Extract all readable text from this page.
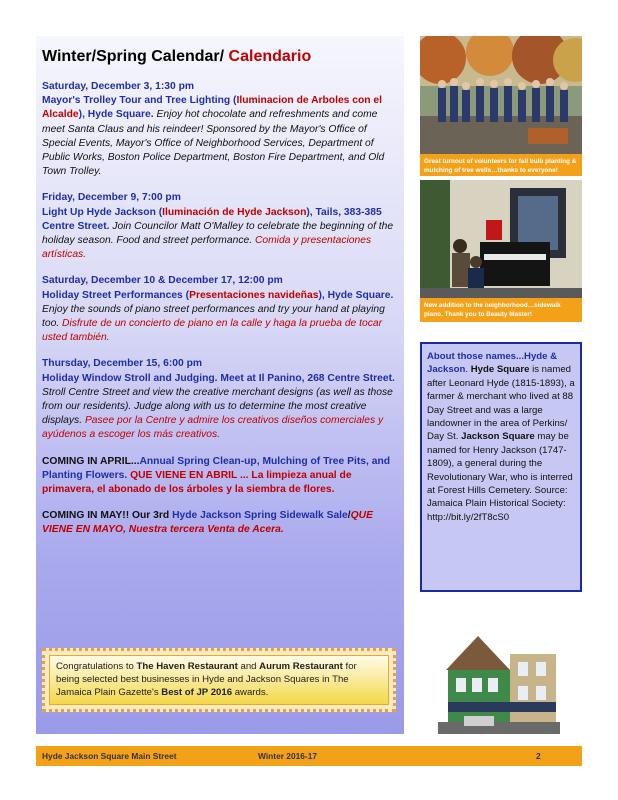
Winter/Spring Calendar/ Calendario
Saturday, December 3, 1:30 pm
Mayor's Trolley Tour and Tree Lighting (Iluminacion de Arboles con el Alcalde), Hyde Square. Enjoy hot chocolate and refreshments and come meet Santa Claus and his reindeer! Sponsored by the Mayor's Office of Special Events, Mayor's Office of Neighborhood Services, Department of Public Works, Boston Police Department, Boston Fire Department, and Old Town Trolley.
Friday, December 9, 7:00 pm
Light Up Hyde Jackson (Iluminación de Hyde Jackson), Tails, 383-385 Centre Street. Join Councilor Matt O'Malley to celebrate the beginning of the holiday season. Food and street performance. Comida y presentaciones artísticas.
Saturday, December 10 & December 17, 12:00 pm
Holiday Street Performances (Presentaciones navideñas), Hyde Square. Enjoy the sounds of piano street performances and try your hand at playing too. Disfrute de un concierto de piano en la calle y haga la prueba de tocar usted también.
Thursday, December 15, 6:00 pm
Holiday Window Stroll and Judging. Meet at Il Panino, 268 Centre Street. Stroll Centre Street and view the creative merchant designs (as well as those from our residents). Judge along with us to determine the most creative displays. Pasee por la Centre y admire los creativos diseños comerciales y ayúdenos a escoger los más creativos.
COMING IN APRIL...Annual Spring Clean-up, Mulching of Tree Pits, and Planting Flowers. QUE VIENE EN ABRIL ... La limpieza anual de primavera, el abonado de los árboles y la siembra de flores.
COMING IN MAY!! Our 3rd Hyde Jackson Spring Sidewalk Sale/QUE VIENE EN MAYO, Nuestra tercera Venta de Acera.
Congratulations to The Haven Restaurant and Aurum Restaurant for being selected best businesses in Hyde and Jackson Squares in The Jamaica Plain Gazette's Best of JP 2016 awards.
Great turnout of volunteers for fall bulb planting & mulching of tree wells…thanks to everyone!
New addition to the neighborhood…sidewalk piano. Thank you to Beauty Master!
About those names...Hyde & Jackson. Hyde Square is named after Leonard Hyde (1815-1893), a farmer & merchant who lived at 88 Day Street and was a large landowner in the area of Perkins/ Day St. Jackson Square may be named for Henry Jackson (1747-1809), a general during the Revolutionary War, who is interred at Forest Hills Cemetery. Source: Jamaica Plain Historical Society: http://bit.ly/2fT8cS0
Hyde Jackson Square Main Street	Winter 2016-17	2
